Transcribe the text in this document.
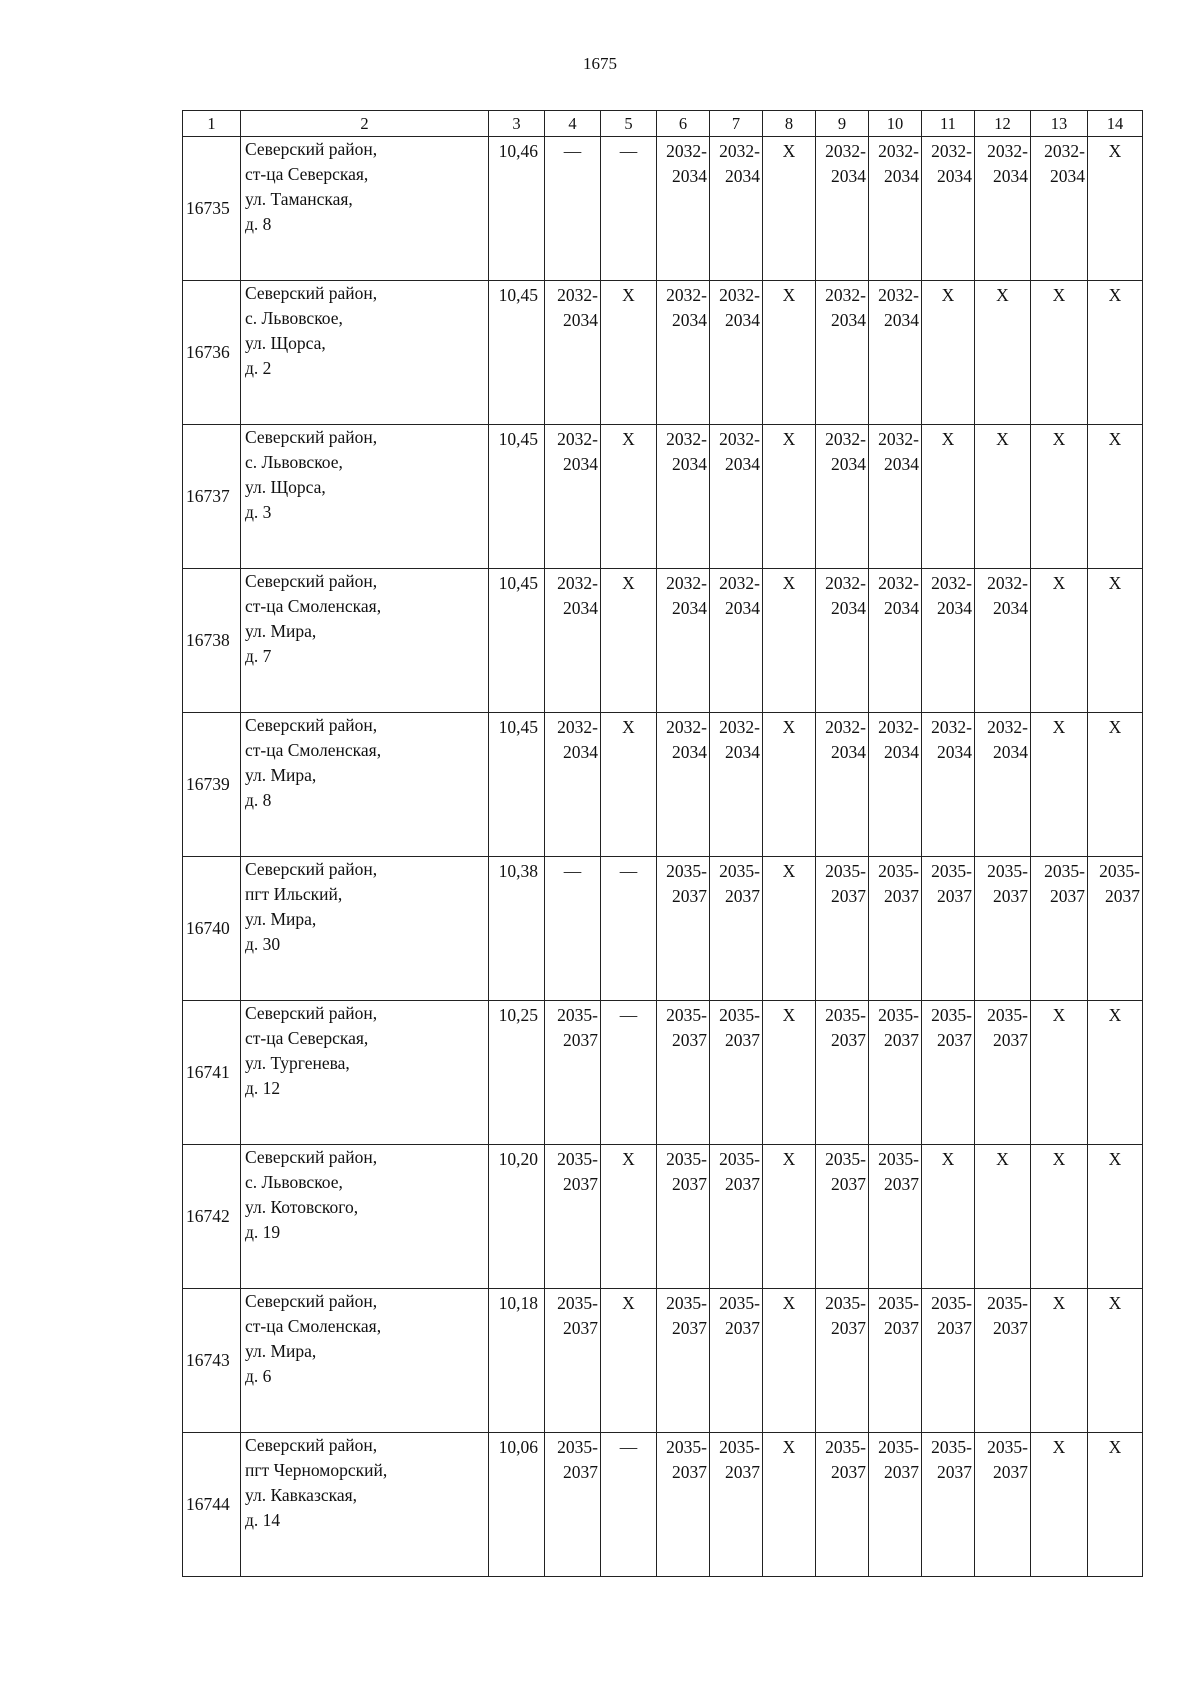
1675
1	2	3	4	5	6	7	8	9	10	11	12	13	14
16735	Северский район,
ст-ца Северская,
ул. Таманская,
д. 8	10,46	—	—	2032-
2034	2032-
2034	X	2032-
2034	2032-
2034	2032-
2034	2032-
2034	2032-
2034	X

16736	Северский район,
с. Львовское,
ул. Щорса,
д. 2	10,45	2032-
2034	X	2032-
2034	2032-
2034	X	2032-
2034	2032-
2034	X	X	X	X

16737	Северский район,
с. Львовское,
ул. Щорса,
д. 3	10,45	2032-
2034	X	2032-
2034	2032-
2034	X	2032-
2034	2032-
2034	X	X	X	X

16738	Северский район,
ст-ца Смоленская,
ул. Мира,
д. 7	10,45	2032-
2034	X	2032-
2034	2032-
2034	X	2032-
2034	2032-
2034	2032-
2034	2032-
2034	X	X

16739	Северский район,
ст-ца Смоленская,
ул. Мира,
д. 8	10,45	2032-
2034	X	2032-
2034	2032-
2034	X	2032-
2034	2032-
2034	2032-
2034	2032-
2034	X	X

16740	Северский район,
пгт Ильский,
ул. Мира,
д. 30	10,38	—	—	2035-
2037	2035-
2037	X	2035-
2037	2035-
2037	2035-
2037	2035-
2037	2035-
2037	2035-
2037

16741	Северский район,
ст-ца Северская,
ул. Тургенева,
д. 12	10,25	2035-
2037	—	2035-
2037	2035-
2037	X	2035-
2037	2035-
2037	2035-
2037	2035-
2037	X	X

16742	Северский район,
с. Львовское,
ул. Котовского,
д. 19	10,20	2035-
2037	X	2035-
2037	2035-
2037	X	2035-
2037	2035-
2037	X	X	X	X

16743	Северский район,
ст-ца Смоленская,
ул. Мира,
д. 6	10,18	2035-
2037	X	2035-
2037	2035-
2037	X	2035-
2037	2035-
2037	2035-
2037	2035-
2037	X	X

16744	Северский район,
пгт Черноморский,
ул. Кавказская,
д. 14	10,06	2035-
2037	—	2035-
2037	2035-
2037	X	2035-
2037	2035-
2037	2035-
2037	2035-
2037	X	X
